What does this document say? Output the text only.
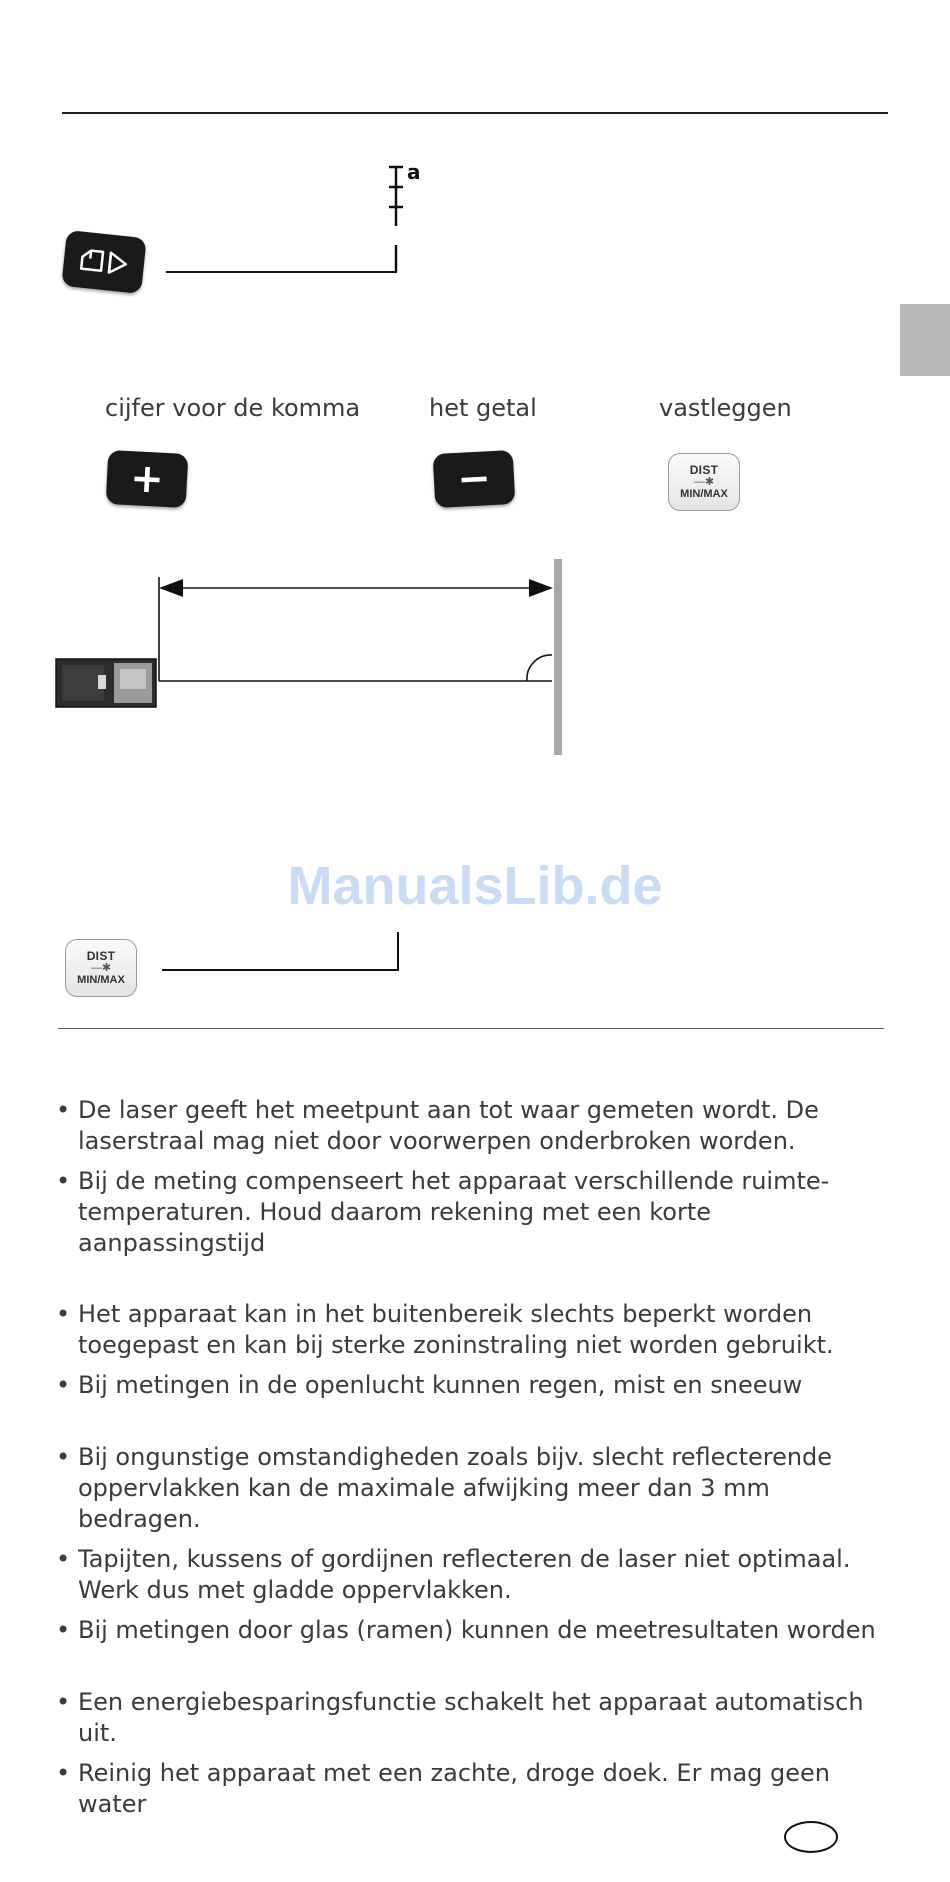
a
cijfer voor de komma	het getal	vastleggen
+	−	DIST
—✱
MIN/MAX
ManualsLib.de
DIST
—✱
MIN/MAX
• De laser geeft het meetpunt aan tot waar gemeten wordt. De laserstraal mag niet door voorwerpen onderbroken worden.
• Bij de meting compenseert het apparaat verschillende ruimte- temperaturen. Houd daarom rekening met een korte aanpassingstijd
• Het apparaat kan in het buitenbereik slechts beperkt worden toegepast en kan bij sterke zoninstraling niet worden gebruikt.
• Bij metingen in de openlucht kunnen regen, mist en sneeuw
• Bij ongunstige omstandigheden zoals bijv. slecht reflecterende oppervlakken kan de maximale afwijking meer dan 3 mm bedragen.
• Tapijten, kussens of gordijnen reflecteren de laser niet optimaal. Werk dus met gladde oppervlakken.
• Bij metingen door glas (ramen) kunnen de meetresultaten worden
• Een energiebesparingsfunctie schakelt het apparaat automatisch uit.
• Reinig het apparaat met een zachte, droge doek. Er mag geen water
